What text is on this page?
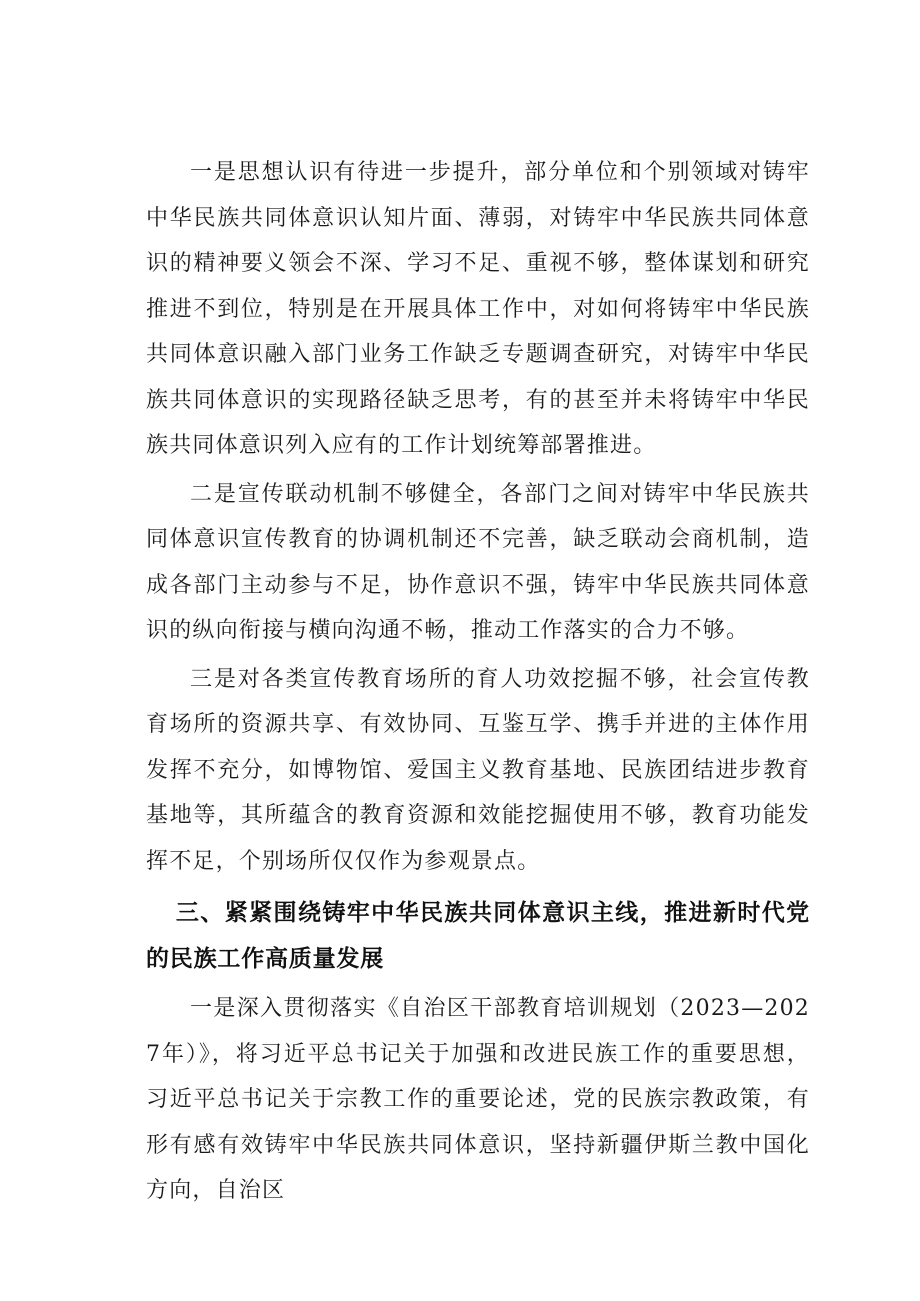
一是思想认识有待进一步提升，部分单位和个别领域对铸牢中华民族共同体意识认知片面、薄弱，对铸牢中华民族共同体意识的精神要义领会不深、学习不足、重视不够，整体谋划和研究推进不到位，特别是在开展具体工作中，对如何将铸牢中华民族共同体意识融入部门业务工作缺乏专题调查研究，对铸牢中华民族共同体意识的实现路径缺乏思考，有的甚至并未将铸牢中华民族共同体意识列入应有的工作计划统筹部署推进。

二是宣传联动机制不够健全，各部门之间对铸牢中华民族共同体意识宣传教育的协调机制还不完善，缺乏联动会商机制，造成各部门主动参与不足，协作意识不强，铸牢中华民族共同体意识的纵向衔接与横向沟通不畅，推动工作落实的合力不够。

三是对各类宣传教育场所的育人功效挖掘不够，社会宣传教育场所的资源共享、有效协同、互鉴互学、携手并进的主体作用发挥不充分，如博物馆、爱国主义教育基地、民族团结进步教育基地等，其所蕴含的教育资源和效能挖掘使用不够，教育功能发挥不足，个别场所仅仅作为参观景点。

三、紧紧围绕铸牢中华民族共同体意识主线，推进新时代党的民族工作高质量发展

一是深入贯彻落实《自治区干部教育培训规划（2023—2027年）》，将习近平总书记关于加强和改进民族工作的重要思想，习近平总书记关于宗教工作的重要论述，党的民族宗教政策，有形有感有效铸牢中华民族共同体意识，坚持新疆伊斯兰教中国化方向，自治区
